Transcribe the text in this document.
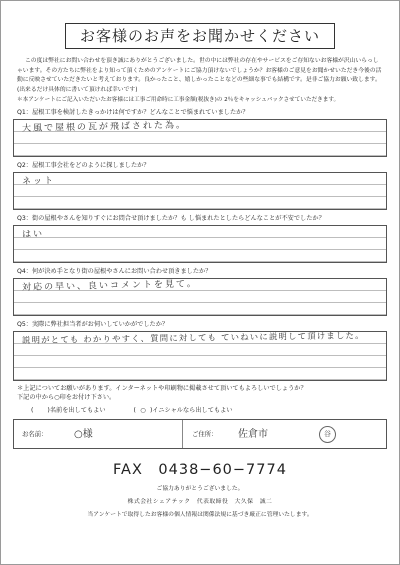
お客様のお声をお聞かせください
この度は弊社にお問い合わせを頂き誠にありがとうございました。世の中には弊社の存在やサービスをご存知ないお客様が沢山いらっしゃいます。その方たちに弊社をより知って頂くためのアンケートにご協力頂けないでしょうか？お客様のご意見をお聞かせいただき今後の活動に反映させていただきたいと考えております。良かったこと、嬉しかったことなどの些細な事でも結構です。是非ご協力お願い致します。(出来るだけ具体的に書いて頂ければ幸いです)
＊本アンケートにご記入いただいたお客様には工事ご用命時に工事金額(税抜き)の 2％をキャッシュバックさせていただきます。
Q1：屋根工事を検討したきっかけは何ですか？どんなことで悩まれていましたか？
大風で屋根の瓦が飛ばされた為。
Q2：屋根工事会社をどのように探しましたか？
ネット
Q3：街の屋根やさんを知りすぐにお問合せ頂けましたか？も し悩まれたとしたらどんなことが不安でしたか？
はい
Q4：何が決め手となり街の屋根やさんにお問い合わせ頂きましたか？
対応の早い、良いコメントを見て。
Q5：実際に弊社担当者がお伺いしていかがでしたか？
説明がとても わかりやすく、質問に対しても ていねいに説明して頂けました。
＊上記についてお願いがあります。インターネットや印刷物に掲載させて頂いてもよろしいでしょうか？
下記の中から○印をお付け下さい。
( )名前を出してもよい	( ○ )イニシャルなら出してもよい
お名前：	○様	ご住所： 佐倉市	谷
FAX　0438−60−7774
ご協力ありがとうございました。
株式会社シェアテック　代表取締役　大久保　誠二
当アンケートで取得したお客様の個人情報は関係法規に基づき厳正に管理いたします。
